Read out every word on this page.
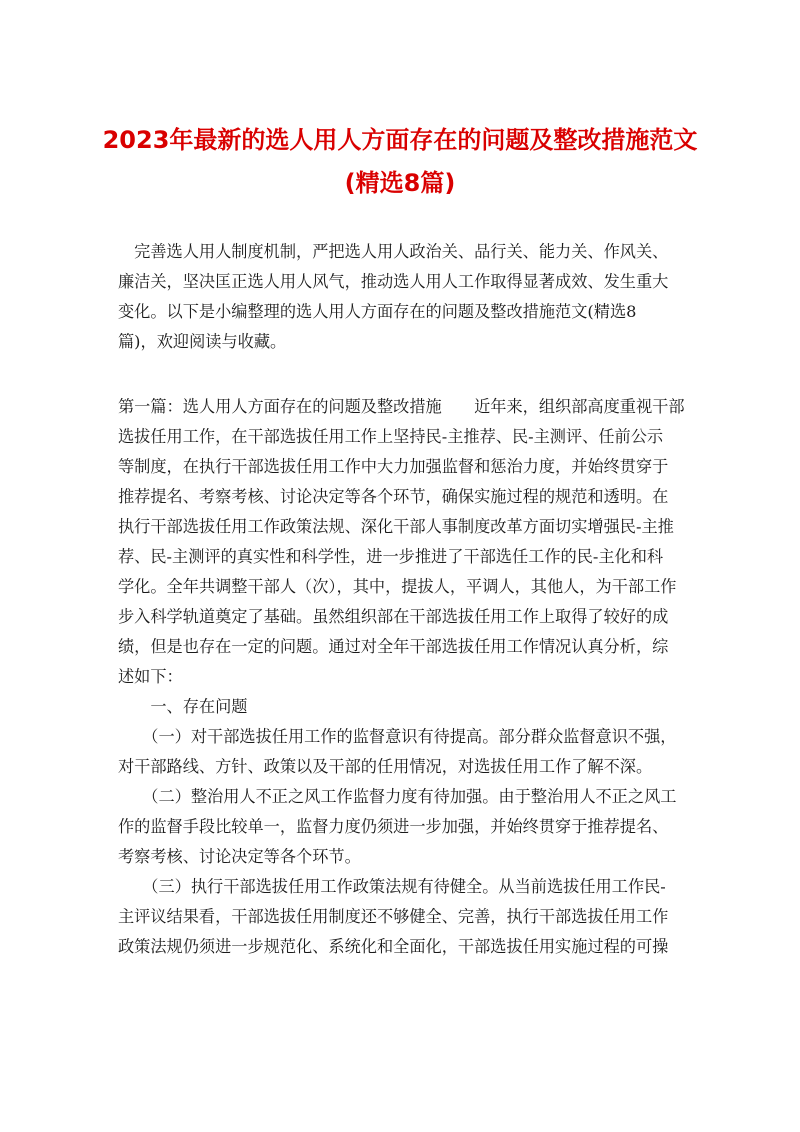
2023年最新的选人用人方面存在的问题及整改措施范文
(精选8篇)
　完善选人用人制度机制，严把选人用人政治关、品行关、能力关、作风关、
廉洁关，坚决匡正选人用人风气，推动选人用人工作取得显著成效、发生重大
变化。以下是小编整理的选人用人方面存在的问题及整改措施范文(精选8
篇)，欢迎阅读与收藏。
第一篇：选人用人方面存在的问题及整改措施　　近年来，组织部高度重视干部
选拔任用工作，在干部选拔任用工作上坚持民-主推荐、民-主测评、任前公示
等制度，在执行干部选拔任用工作中大力加强监督和惩治力度，并始终贯穿于
推荐提名、考察考核、讨论决定等各个环节，确保实施过程的规范和透明。在
执行干部选拔任用工作政策法规、深化干部人事制度改革方面切实增强民-主推
荐、民-主测评的真实性和科学性，进一步推进了干部选任工作的民-主化和科
学化。全年共调整干部人（次），其中，提拔人，平调人，其他人，为干部工作
步入科学轨道奠定了基础。虽然组织部在干部选拔任用工作上取得了较好的成
绩，但是也存在一定的问题。通过对全年干部选拔任用工作情况认真分析，综
述如下：
　　一、存在问题
　　（一）对干部选拔任用工作的监督意识有待提高。部分群众监督意识不强，
对干部路线、方针、政策以及干部的任用情况，对选拔任用工作了解不深。
　　（二）整治用人不正之风工作监督力度有待加强。由于整治用人不正之风工
作的监督手段比较单一，监督力度仍须进一步加强，并始终贯穿于推荐提名、
考察考核、讨论决定等各个环节。
　　（三）执行干部选拔任用工作政策法规有待健全。从当前选拔任用工作民-
主评议结果看，干部选拔任用制度还不够健全、完善，执行干部选拔任用工作
政策法规仍须进一步规范化、系统化和全面化，干部选拔任用实施过程的可操
